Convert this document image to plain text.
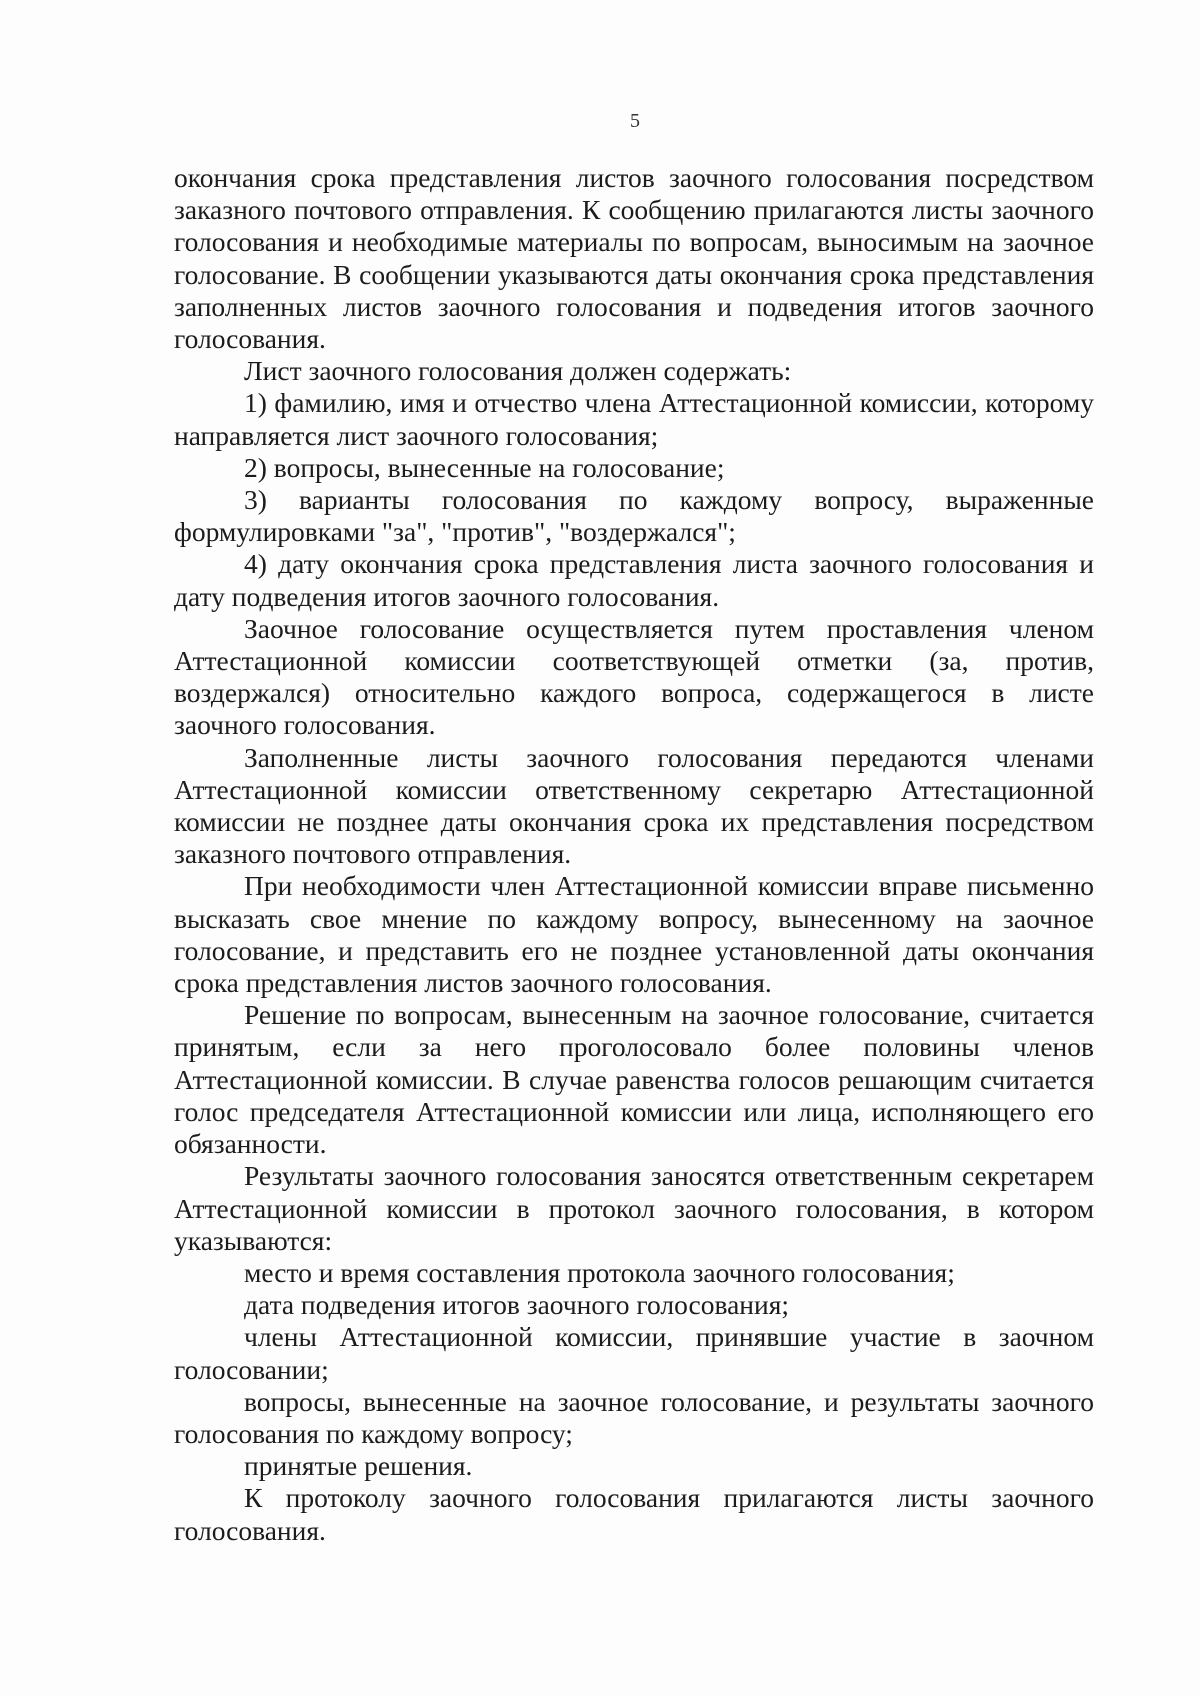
5

окончания срока представления листов заочного голосования посредством заказного почтового отправления. К сообщению прилагаются листы заочного голосования и необходимые материалы по вопросам, выносимым на заочное голосование. В сообщении указываются даты окончания срока представления заполненных листов заочного голосования и подведения итогов заочного голосования.

Лист заочного голосования должен содержать:

1) фамилию, имя и отчество члена Аттестационной комиссии, которому направляется лист заочного голосования;

2) вопросы, вынесенные на голосование;

3) варианты голосования по каждому вопросу, выраженные формулировками "за", "против", "воздержался";

4) дату окончания срока представления листа заочного голосования и дату подведения итогов заочного голосования.

Заочное голосование осуществляется путем проставления членом Аттестационной комиссии соответствующей отметки (за, против, воздержался) относительно каждого вопроса, содержащегося в листе заочного голосования.

Заполненные листы заочного голосования передаются членами Аттестационной комиссии ответственному секретарю Аттестационной комиссии не позднее даты окончания срока их представления посредством заказного почтового отправления.

При необходимости член Аттестационной комиссии вправе письменно высказать свое мнение по каждому вопросу, вынесенному на заочное голосование, и представить его не позднее установленной даты окончания срока представления листов заочного голосования.

Решение по вопросам, вынесенным на заочное голосование, считается принятым, если за него проголосовало более половины членов Аттестационной комиссии. В случае равенства голосов решающим считается голос председателя Аттестационной комиссии или лица, исполняющего его обязанности.

Результаты заочного голосования заносятся ответственным секретарем Аттестационной комиссии в протокол заочного голосования, в котором указываются:

место и время составления протокола заочного голосования;

дата подведения итогов заочного голосования;

члены Аттестационной комиссии, принявшие участие в заочном голосовании;

вопросы, вынесенные на заочное голосование, и результаты заочного голосования по каждому вопросу;

принятые решения.

К протоколу заочного голосования прилагаются листы заочного голосования.
